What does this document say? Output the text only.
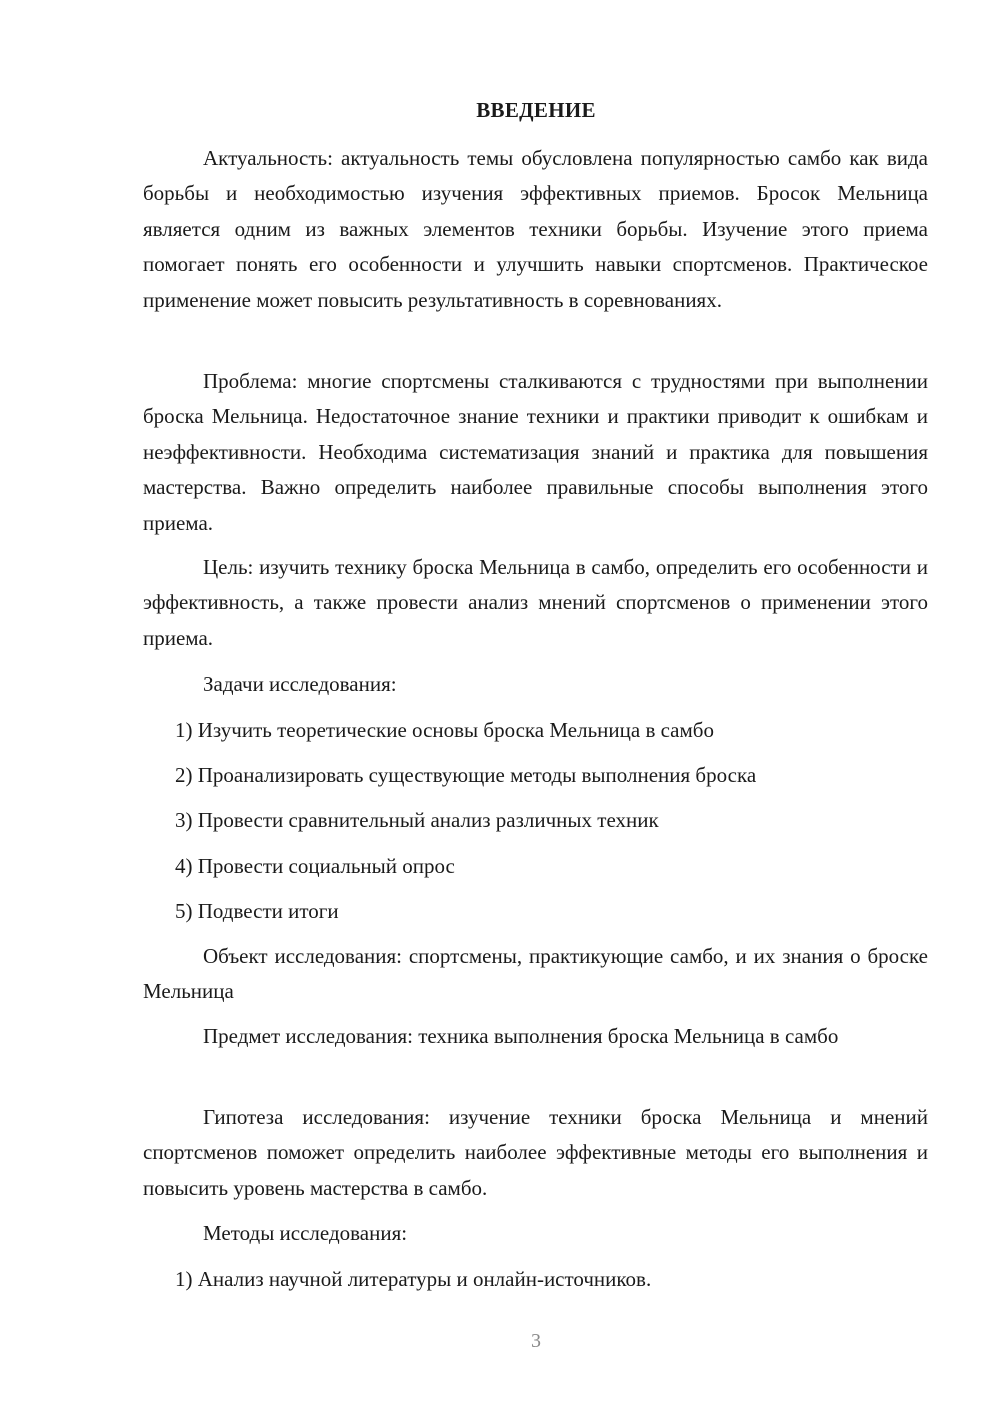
ВВЕДЕНИЕ

Актуальность: актуальность темы обусловлена популярностью самбо как вида борьбы и необходимостью изучения эффективных приемов. Бросок Мельница является одним из важных элементов техники борьбы. Изучение этого приема помогает понять его особенности и улучшить навыки спортсменов. Практическое применение может повысить результативность в соревнованиях.

Проблема: многие спортсмены сталкиваются с трудностями при выполнении броска Мельница. Недостаточное знание техники и практики приводит к ошибкам и неэффективности. Необходима систематизация знаний и практика для повышения мастерства. Важно определить наиболее правильные способы выполнения этого приема.

Цель: изучить технику броска Мельница в самбо, определить его особенности и эффективность, а также провести анализ мнений спортсменов о применении этого приема.

Задачи исследования:

1) Изучить теоретические основы броска Мельница в самбо

2) Проанализировать существующие методы выполнения броска

3) Провести сравнительный анализ различных техник

4) Провести социальный опрос

5) Подвести итоги

Объект исследования: спортсмены, практикующие самбо, и их знания о броске Мельница

Предмет исследования: техника выполнения броска Мельница в самбо

Гипотеза исследования: изучение техники броска Мельница и мнений спортсменов поможет определить наиболее эффективные методы его выполнения и повысить уровень мастерства в самбо.

Методы исследования:

1) Анализ научной литературы и онлайн-источников.

3
